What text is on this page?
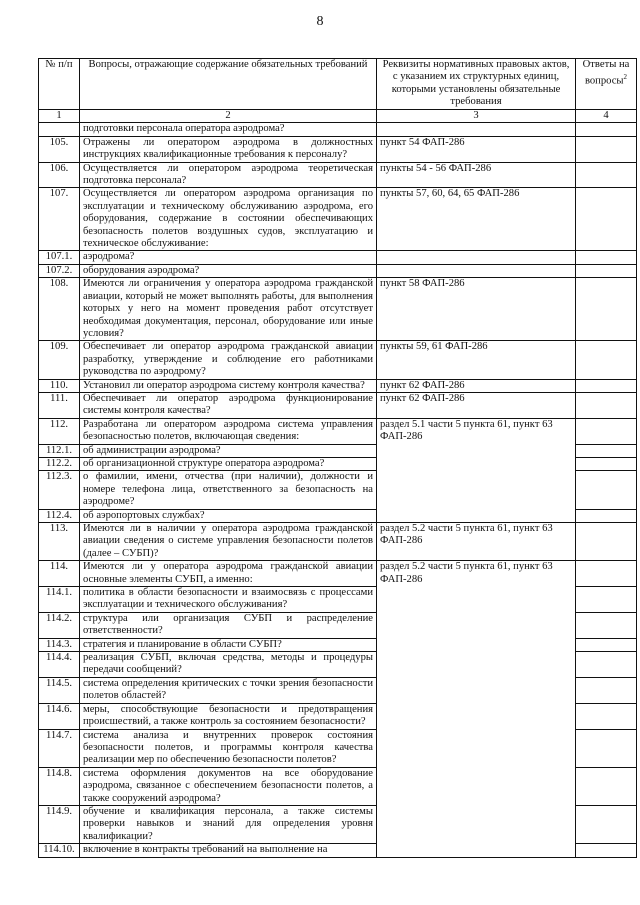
8
№ п/п	Вопросы, отражающие содержание обязательных требований	Реквизиты нормативных правовых актов, с указанием их структурных единиц, которыми установлены обязательные требования	Ответы на вопросы$^2$
1	2	3	4
	подготовки персонала оператора аэродрома?		
105.	Отражены ли оператором аэродрома в должностных инструкциях квалификационные требования к персоналу?	пункт 54 ФАП-286	
106.	Осуществляется ли оператором аэродрома теоретическая подготовка персонала?	пункты 54 - 56 ФАП-286	
107.	Осуществляется ли оператором аэродрома организация по эксплуатации и техническому обслуживанию аэродрома, его оборудования, содержание в состоянии обеспечивающих безопасность полетов воздушных судов, эксплуатацию и техническое обслуживание:	пункты 57, 60, 64, 65 ФАП-286	
107.1.	аэродрома?		
107.2.	оборудования аэродрома?		
108.	Имеются ли ограничения у оператора аэродрома гражданской авиации, который не может выполнять работы, для выполнения которых у него на момент проведения работ отсутствует необходимая документация, персонал, оборудование или иные условия?	пункт 58 ФАП-286	
109.	Обеспечивает ли оператор аэродрома гражданской авиации разработку, утверждение и соблюдение его работниками руководства по аэродрому?	пункты 59, 61 ФАП-286	
110.	Установил ли оператор аэродрома систему контроля качества?	пункт 62 ФАП-286	
111.	Обеспечивает ли оператор аэродрома функционирование системы контроля качества?	пункт 62 ФАП-286	
112.	Разработана ли оператором аэродрома система управления безопасностью полетов, включающая сведения:	раздел 5.1 части 5 пункта 61, пункт 63 ФАП-286	
112.1.	об администрации аэродрома?		
112.2.	об организационной структуре оператора аэродрома?		
112.3.	о фамилии, имени, отчества (при наличии), должности и номере телефона лица, ответственного за безопасность на аэродроме?		
112.4.	об аэропортовых службах?		
113.	Имеются ли в наличии у оператора аэродрома гражданской авиации сведения о системе управления безопасности полетов (далее – СУБП)?	раздел 5.2 части 5 пункта 61, пункт 63 ФАП-286	
114.	Имеются ли у оператора аэродрома гражданской авиации основные элементы СУБП, а именно:	раздел 5.2 части 5 пункта 61, пункт 63 ФАП-286	
114.1.	политика в области безопасности и взаимосвязь с процессами эксплуатации и технического обслуживания?		
114.2.	структура или организация СУБП и распределение ответственности?		
114.3.	стратегия и планирование в области СУБП?		
114.4.	реализация СУБП, включая средства, методы и процедуры передачи сообщений?		
114.5.	система определения критических с точки зрения безопасности полетов областей?		
114.6.	меры, способствующие безопасности и предотвращения происшествий, а также контроль за состоянием безопасности?		
114.7.	система анализа и внутренних проверок состояния безопасности полетов, и программы контроля качества реализации мер по обеспечению безопасности полетов?		
114.8.	система оформления документов на все оборудование аэродрома, связанное с обеспечением безопасности полетов, а также сооружений аэродрома?		
114.9.	обучение и квалификация персонала, а также системы проверки навыков и знаний для определения уровня квалификации?		
114.10.	включение в контракты требований на выполнение на		
